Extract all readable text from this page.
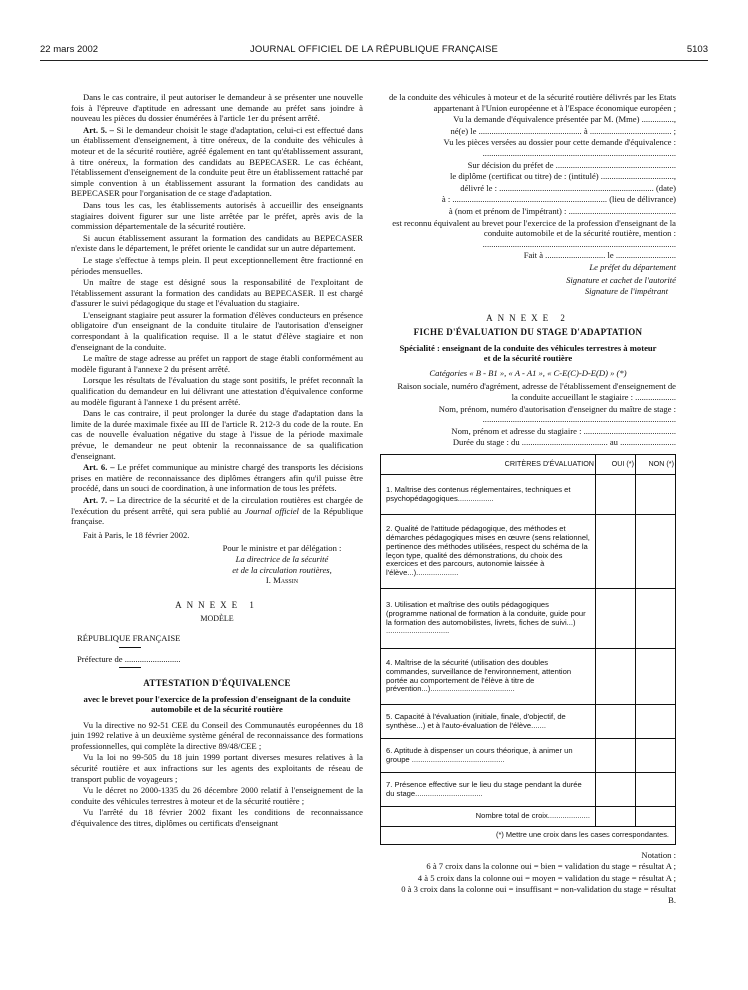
22 mars 2002	JOURNAL OFFICIEL DE LA RÉPUBLIQUE FRANÇAISE	5103

Dans le cas contraire, il peut autoriser le demandeur à se présenter une nouvelle fois à l'épreuve d'aptitude en adressant une demande au préfet sans joindre à nouveau les pièces du dossier énumérées à l'article 1er du présent arrêté.

Art. 5. – Si le demandeur choisit le stage d'adaptation, celui-ci est effectué dans un établissement d'enseignement, à titre onéreux, de la conduite des véhicules à moteur et de la sécurité routière, agréé également en tant qu'établissement assurant, à titre onéreux, la formation des candidats au BEPECASER. Le cas échéant, l'établissement d'enseignement de la conduite peut être un établissement rattaché par simple convention à un établissement assurant la formation des candidats au BEPECASER pour l'organisation de ce stage d'adaptation.

Dans tous les cas, les établissements autorisés à accueillir des enseignants stagiaires doivent figurer sur une liste arrêtée par le préfet, après avis de la commission départementale de la sécurité routière.

Si aucun établissement assurant la formation des candidats au BEPECASER n'existe dans le département, le préfet oriente le candidat sur un autre département.

Le stage s'effectue à temps plein. Il peut exceptionnellement être fractionné en périodes mensuelles.

Un maître de stage est désigné sous la responsabilité de l'exploitant de l'établissement assurant la formation des candidats au BEPECASER. Il est chargé d'assurer le suivi pédagogique du stage et l'évaluation du stagiaire.

L'enseignant stagiaire peut assurer la formation d'élèves conducteurs en présence obligatoire d'un enseignant de la conduite titulaire de l'autorisation d'enseigner correspondant à la qualification requise. Il a le statut d'élève stagiaire et non d'enseignant de la conduite.

Le maître de stage adresse au préfet un rapport de stage établi conformément au modèle figurant à l'annexe 2 du présent arrêté.

Lorsque les résultats de l'évaluation du stage sont positifs, le préfet reconnaît la qualification du demandeur en lui délivrant une attestation d'équivalence conforme au modèle figurant à l'annexe 1 du présent arrêté.

Dans le cas contraire, il peut prolonger la durée du stage d'adaptation dans la limite de la durée maximale fixée au III de l'article R. 212-3 du code de la route. En cas de nouvelle évaluation négative du stage à l'issue de la période maximale prévue, le demandeur ne peut obtenir la reconnaissance de sa qualification d'enseignant.

Art. 6. – Le préfet communique au ministre chargé des transports les décisions prises en matière de reconnaissance des diplômes étrangers afin qu'il puisse être procédé, dans un souci de coordination, à une information de tous les préfets.

Art. 7. – La directrice de la sécurité et de la circulation routières est chargée de l'exécution du présent arrêté, qui sera publié au Journal officiel de la République française.

Fait à Paris, le 18 février 2002.

Pour le ministre et par délégation :
La directrice de la sécurité
et de la circulation routières,
I. Massin

ANNEXE 1

MODÈLE

RÉPUBLIQUE FRANÇAISE

Préfecture de ..........................

ATTESTATION D'ÉQUIVALENCE

avec le brevet pour l'exercice de la profession d'enseignant de la conduite automobile et de la sécurité routière

Vu la directive no 92-51 CEE du Conseil des Communautés européennes du 18 juin 1992 relative à un deuxième système général de reconnaissance des formations professionnelles, qui complète la directive 89/48/CEE ;

Vu la loi no 99-505 du 18 juin 1999 portant diverses mesures relatives à la sécurité routière et aux infractions sur les agents des exploitants de réseau de transport public de voyageurs ;

Vu le décret no 2000-1335 du 26 décembre 2000 relatif à l'enseignement de la conduite des véhicules terrestres à moteur et de la sécurité routière ;

Vu l'arrêté du 18 février 2002 fixant les conditions de reconnaissance d'équivalence des titres, diplômes ou certificats d'enseignant

de la conduite des véhicules à moteur et de la sécurité routière délivrés par les Etats appartenant à l'Union européenne et à l'Espace économique européen ;

Vu la demande d'équivalence présentée par M. (Mme) ...............,

né(e) le ................................................ à ...................................... ;

Vu les pièces versées au dossier pour cette demande d'équivalence : ..........................................................................................

Sur décision du préfet de ........................................................

le diplôme (certificat ou titre) de : (intitulé) ..................................,

délivré le : ........................................................................ (date)

à : ........................................................................ (lieu de délivrance)

à (nom et prénom de l'impétrant) : ..................................................

est reconnu équivalent au brevet pour l'exercice de la profession d'enseignant de la conduite automobile et de la sécurité routière, mention : ..........................................................................................

Fait à ............................ le ............................

Le préfet du département

Signature et cachet de l'autorité

Signature de l'impétrant

ANNEXE 2

FICHE D'ÉVALUATION DU STAGE D'ADAPTATION

Spécialité : enseignant de la conduite des véhicules terrestres à moteur et de la sécurité routière

Catégories « B - B1 », « A - A1 », « C-E(C)-D-E(D) » (*)

Raison sociale, numéro d'agrément, adresse de l'établissement d'enseignement de la conduite accueillant le stagiaire : ...................

Nom, prénom, numéro d'autorisation d'enseigner du maître de stage : ..........................................................................................

Nom, prénom et adresse du stagiaire : ...........................................

Durée du stage : du ........................................ au ..........................

CRITÈRES D'ÉVALUATION	OUI (*)	NON (*)
1. Maîtrise des contenus réglementaires, techniques et psychopédagogiques.................		
2. Qualité de l'attitude pédagogique, des méthodes et démarches pédagogiques mises en œuvre (sens relationnel, pertinence des méthodes utilisées, respect du schéma de la leçon type, qualité des démonstrations, du choix des exercices et des parcours, autonomie laissée à l'élève...)....................		
3. Utilisation et maîtrise des outils pédagogiques (programme national de formation à la conduite, guide pour la formation des automobilistes, livrets, fiches de suivi...) ..............................		
4. Maîtrise de la sécurité (utilisation des doubles commandes, surveillance de l'environnement, attention portée au comportement de l'élève à titre de prévention...)........................................		
5. Capacité à l'évaluation (initiale, finale, d'objectif, de synthèse...) et à l'auto-évaluation de l'élève.......		
6. Aptitude à dispenser un cours théorique, à animer un groupe ............................................		
7. Présence effective sur le lieu du stage pendant la durée du stage................................		
Nombre total de croix....................		
(*) Mettre une croix dans les cases correspondantes.		

Notation :

6 à 7 croix dans la colonne oui = bien = validation du stage = résultat A ;

4 à 5 croix dans la colonne oui = moyen = validation du stage = résultat A ;

0 à 3 croix dans la colonne oui = insuffisant = non-validation du stage = résultat B.
